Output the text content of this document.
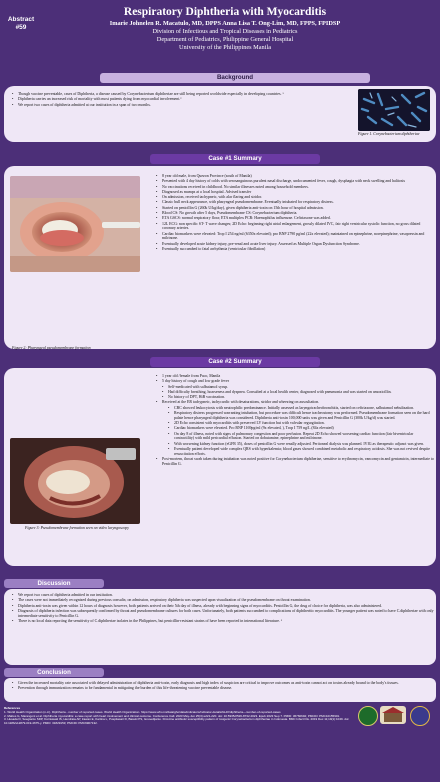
Abstract
#59
Respiratory Diphtheria with Myocarditis
Imarie Johnelen R. Macatulo, MD, DPPS Anna Lisa T. Ong-Lim, MD, FPPS, FPIDSP
Division of Infectious and Tropical Diseases in Pediatrics
Department of Pediatrics, Philippine General Hospital
University of the Philippines Manila
Background
• Though vaccine preventable, cases of Diphtheria, a disease caused by Corynebacterium diphtheriae are still being reported worldwide especially in developing countries. ¹
• Diphtheria carries an increased risk of mortality with most patients dying from myocardial involvement.²
• We report two cases of diphtheria admitted at our institution in a span of two months.
Figure 1. Corynebacterium diphtheriae
Case #1 Summary
Figure 2: Pharyngeal pseudomembrane formation
• 8 year old male, from Quezon Province (south of Manila)
• Presented with 4 day history of colds with serosanguinous purulent nasal discharge, undocumented fever, cough, dysphagia with neck swelling and halitosis
• No vaccinations received in childhood. No similar illnesses noted among household members.
• Diagnosed as mumps at a local hospital. Advised transfer
• On admission, received tachypneic, with alar flaring and stridor.
• Classic bull neck appearance, with pharyngeal pseudomembrane. Eventually intubated for respiratory distress.
• Started on penicillin G (260k U/kg/day), given diphtheria anti-toxin on 15th hour of hospital admission.
• Blood CS: No growth after 5 days, Pseudomembrane CS: Corynebacterium diphtheria.
• ETA GSCS: normal respiratory flora; ETA multiplex PCR: Haemophilus influenzae. Ceftriaxone was added.
• 12L ECG: non specific ST- T wave changes; 2D Echo: beginning right atrial enlargement, grossly dilated IVC, fair right ventricular systolic function, no gross dilated coronary arteries.
• Cardiac biomarkers were elevated: Trop I 254 ng/ml (6350x elevated); pro BNP 2790 pg/ml (22x elevated); maintained on epinephrine, norepinephrine, vasopressin and milrinone.
• Eventually developed acute kidney injury, pre-renal and acute liver injury. Assessed as Multiple Organ Dysfunction Syndrome.
• Eventually succumbed to fatal arrhythmia (ventricular fibrillation)
Case #2 Summary
Figure 3: Pseudomembrane formation seen on video laryngoscopy
• 1 year old /female from Paco, Manila
• 5 day history of cough and low grade fever
• Self-medicated with salbutamol syrup.
• Had difficulty breathing, hoarseness and dyspnea. Consulted at a local health center, diagnosed with pneumonia and was started on amoxicillin.
• No history of DPT, HiB vaccination.
• Received at the ER tachypneic, tachycardic with desaturations, stridor and wheezing on auscultation.
• CBC showed leukocytosis with neutrophilic predominance. Initially assessed as laryngotracheobronchitis, started on ceftriaxone, salbutamol nebulization.
• Respiratory distress progressed warranting intubation, but procedure was difficult hence tracheostomy was performed. Pseudomembrane formation seen on the hard palate hence pharyngeal diphtheria was considered. Diphtheria anti-toxin 100,000 units was given and Penicillin G (300k U/kg/d) was started.
• 2D Echo consistent with myocarditis with preserved LV function but with valvular regurgitation.
• Cardiac biomarkers were elevated. Pro BNP 1169pg/ml (9x elevated, ), Trop I 759 ng/L (84x elevated)
• On day 8 of illness, noted with signs of pulmonary congestion and poor perfusion. Repeat 2D Echo showed worsening cardiac function (fair biventricular contractility) with mild pericardial effusion. Started on dobutamine, epinephrine and milrinone.
• With worsening kidney function (eGFR 35), doses of penicillin G were renally adjusted. Peritoneal dialysis was planned. IVIG as therapeutic adjunct was given.
• Eventually patient developed wide complex QRS with hyperkalemia; blood gases showed combined metabolic and respiratory acidosis. She was not revived despite resuscitation efforts.
• Post-mortem, throat swab taken during intubation was noted positive for Corynebacterium diphtheriae, sensitive to erythromycin, vancomycin and gentamicin, intermediate to Penicillin G.
Discussion
• We report two cases of diphtheria admitted in our institution.
• The cases were not immediately recognized during previous consults; on admission, respiratory diphtheria was suspected upon visualization of the pseudomembrane on throat examination.
• Diphtheria anti-toxin was given within 12 hours of diagnosis however, both patients arrived on their 5th day of illness, already with beginning signs of myocarditis. Penicillin G, the drug of choice for diphtheria, was also administered.
• Diagnosis of diphtheria infection was subsequently confirmed by throat and pseudomembrane cultures for both cases. Unfortunately, both patients succumbed to complications of diphtheritic myocarditis. The younger patient was noted to have C.diphtheriae with only intermediate sensitivity to Penicillin G.
• There is no local data reporting the sensitivity of C.diphtheriae isolates in the Philippines, but penicillin-resistant strains of have been reported in international literature. ³
Conclusion
• Given the increased mortality rate associated with delayed administration of diphtheria anti-toxin, early diagnosis and high index of suspicion are critical to improve outcomes as anti-toxin cannot act on toxins already bound to the body's tissues.
• Prevention through immunization remains to be fundamental in mitigating the burden of this life-threatening vaccine preventable disease.
References
1. World Health Organization (n.d.). Diphtheria - number of reported cases. World Health Organization. https://www.who.int/data/gho/data/indicators/indicator-details/GHO/diphtheria---number-of-reported-cases
2. Mattos G, Marangoni et al. Diphtheria myocarditis: a case report with heart involvement and clinical outcome. Conference Call. 2023 May-Jun 25(3):e221-220. doi: 10.5935/2526-8732.2023. Epub 2023 Sep 7. PMID: 36760692; PMCID: PMC10155901.
3. Husada D, Soegianto SDP, Kurniawati IS, Hendrata AP, Irawan E, Kartina L, Puspitasari D, Basuki PS, Ismoedijanto. First-line antibiotic susceptibility pattern of toxigenic Corynebacterium diphtheriae in Indonesia. BMC Infect Dis. 2019 Dec 11;19(1):1049. doi: 10.1186/s12879-019-4675-y. PMID: 31829153; PMCID: PMC6907132.
